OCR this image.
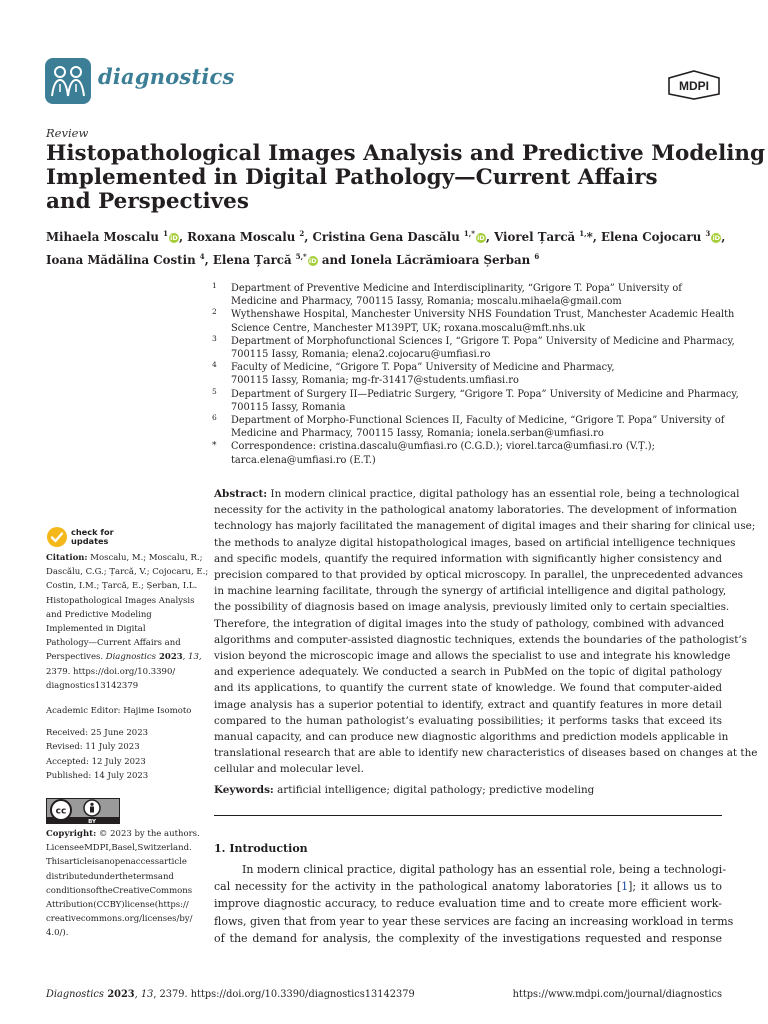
diagnostics	MDPI
Review
Histopathological Images Analysis and Predictive Modeling
Implemented in Digital Pathology—Current Affairs
and Perspectives
Mihaela Moscalu $^1$ iD, Roxana Moscalu $^2$, Cristina Gena Dascălu $^{1,*}$ iD, Viorel Țarcă $^{1,}$*, Elena Cojocaru $^3$ iD,
Ioana Mădălina Costin $^4$, Elena Țarcă $^{5,*}$ iD and Ionela Lăcrămioara Șerban $^6$
1 Department of Preventive Medicine and Interdisciplinarity, “Grigore T. Popa” University of
Medicine and Pharmacy, 700115 Iassy, Romania; moscalu.mihaela@gmail.com
2 Wythenshawe Hospital, Manchester University NHS Foundation Trust, Manchester Academic Health
Science Centre, Manchester M139PT, UK; roxana.moscalu@mft.nhs.uk
3 Department of Morphofunctional Sciences I, “Grigore T. Popa” University of Medicine and Pharmacy,
700115 Iassy, Romania; elena2.cojocaru@umfiasi.ro
4 Faculty of Medicine, “Grigore T. Popa” University of Medicine and Pharmacy,
700115 Iassy, Romania; mg-fr-31417@students.umfiasi.ro
5 Department of Surgery II—Pediatric Surgery, “Grigore T. Popa” University of Medicine and Pharmacy,
700115 Iassy, Romania
6 Department of Morpho-Functional Sciences II, Faculty of Medicine, “Grigore T. Popa” University of
Medicine and Pharmacy, 700115 Iassy, Romania; ionela.serban@umfiasi.ro
* Correspondence: cristina.dascalu@umfiasi.ro (C.G.D.); viorel.tarca@umfiasi.ro (V.Ț.);
tarca.elena@umfiasi.ro (E.T.)
check for
updates
Citation: Moscalu, M.; Moscalu, R.;
Dascălu, C.G.; Țarcă, V.; Cojocaru, E.;
Costin, I.M.; Țarcă, E.; Șerban, I.L.
Histopathological Images Analysis
and Predictive Modeling
Implemented in Digital
Pathology—Current Affairs and
Perspectives. Diagnostics 2023, 13,
2379. https://doi.org/10.3390/
diagnostics13142379
Academic Editor: Hajime Isomoto
Received: 25 June 2023
Revised: 11 July 2023
Accepted: 12 July 2023
Published: 14 July 2023
cc
BY
Copyright: © 2023 by the authors.
LicenseeMDPI,Basel,Switzerland.
Thisarticleisanopenaccessarticle
distributedunderthetermsand
conditionsoftheCreativeCommons
Attribution(CCBY)license(https://
creativecommons.org/licenses/by/
4.0/).
Abstract: In modern clinical practice, digital pathology has an essential role, being a technological
necessity for the activity in the pathological anatomy laboratories. The development of information
technology has majorly facilitated the management of digital images and their sharing for clinical use;
the methods to analyze digital histopathological images, based on artificial intelligence techniques
and specific models, quantify the required information with significantly higher consistency and
precision compared to that provided by optical microscopy. In parallel, the unprecedented advances
in machine learning facilitate, through the synergy of artificial intelligence and digital pathology,
the possibility of diagnosis based on image analysis, previously limited only to certain specialties.
Therefore, the integration of digital images into the study of pathology, combined with advanced
algorithms and computer-assisted diagnostic techniques, extends the boundaries of the pathologist’s
vision beyond the microscopic image and allows the specialist to use and integrate his knowledge
and experience adequately. We conducted a search in PubMed on the topic of digital pathology
and its applications, to quantify the current state of knowledge. We found that computer-aided
image analysis has a superior potential to identify, extract and quantify features in more detail
compared to the human pathologist’s evaluating possibilities; it performs tasks that exceed its
manual capacity, and can produce new diagnostic algorithms and prediction models applicable in
translational research that are able to identify new characteristics of diseases based on changes at the
cellular and molecular level.
Keywords: artificial intelligence; digital pathology; predictive modeling
1. Introduction
In modern clinical practice, digital pathology has an essential role, being a technologi-
cal necessity for the activity in the pathological anatomy laboratories [1]; it allows us to
improve diagnostic accuracy, to reduce evaluation time and to create more efficient work-
flows, given that from year to year these services are facing an increasing workload in terms
of the demand for analysis, the complexity of the investigations requested and response
Diagnostics 2023, 13, 2379. https://doi.org/10.3390/diagnostics13142379	https://www.mdpi.com/journal/diagnostics
